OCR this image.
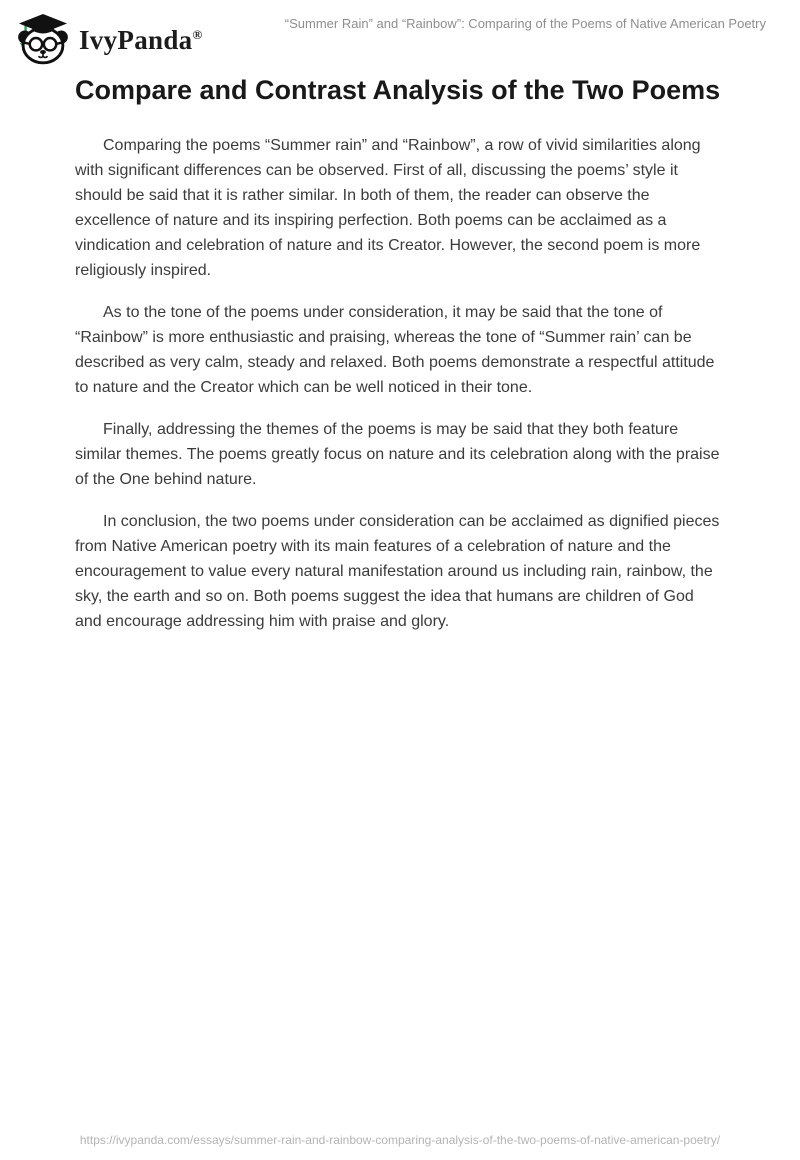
IvyPanda®
“Summer Rain” and “Rainbow”: Comparing of the Poems of Native American Poetry
Compare and Contrast Analysis of the Two Poems

Comparing the poems “Summer rain” and “Rainbow”, a row of vivid similarities along with significant differences can be observed. First of all, discussing the poems’ style it should be said that it is rather similar. In both of them, the reader can observe the excellence of nature and its inspiring perfection. Both poems can be acclaimed as a vindication and celebration of nature and its Creator. However, the second poem is more religiously inspired.

As to the tone of the poems under consideration, it may be said that the tone of “Rainbow” is more enthusiastic and praising, whereas the tone of “Summer rain’ can be described as very calm, steady and relaxed. Both poems demonstrate a respectful attitude to nature and the Creator which can be well noticed in their tone.

Finally, addressing the themes of the poems is may be said that they both feature similar themes. The poems greatly focus on nature and its celebration along with the praise of the One behind nature.

In conclusion, the two poems under consideration can be acclaimed as dignified pieces from Native American poetry with its main features of a celebration of nature and the encouragement to value every natural manifestation around us including rain, rainbow, the sky, the earth and so on. Both poems suggest the idea that humans are children of God and encourage addressing him with praise and glory.

https://ivypanda.com/essays/summer-rain-and-rainbow-comparing-analysis-of-the-two-poems-of-native-american-poetry/
